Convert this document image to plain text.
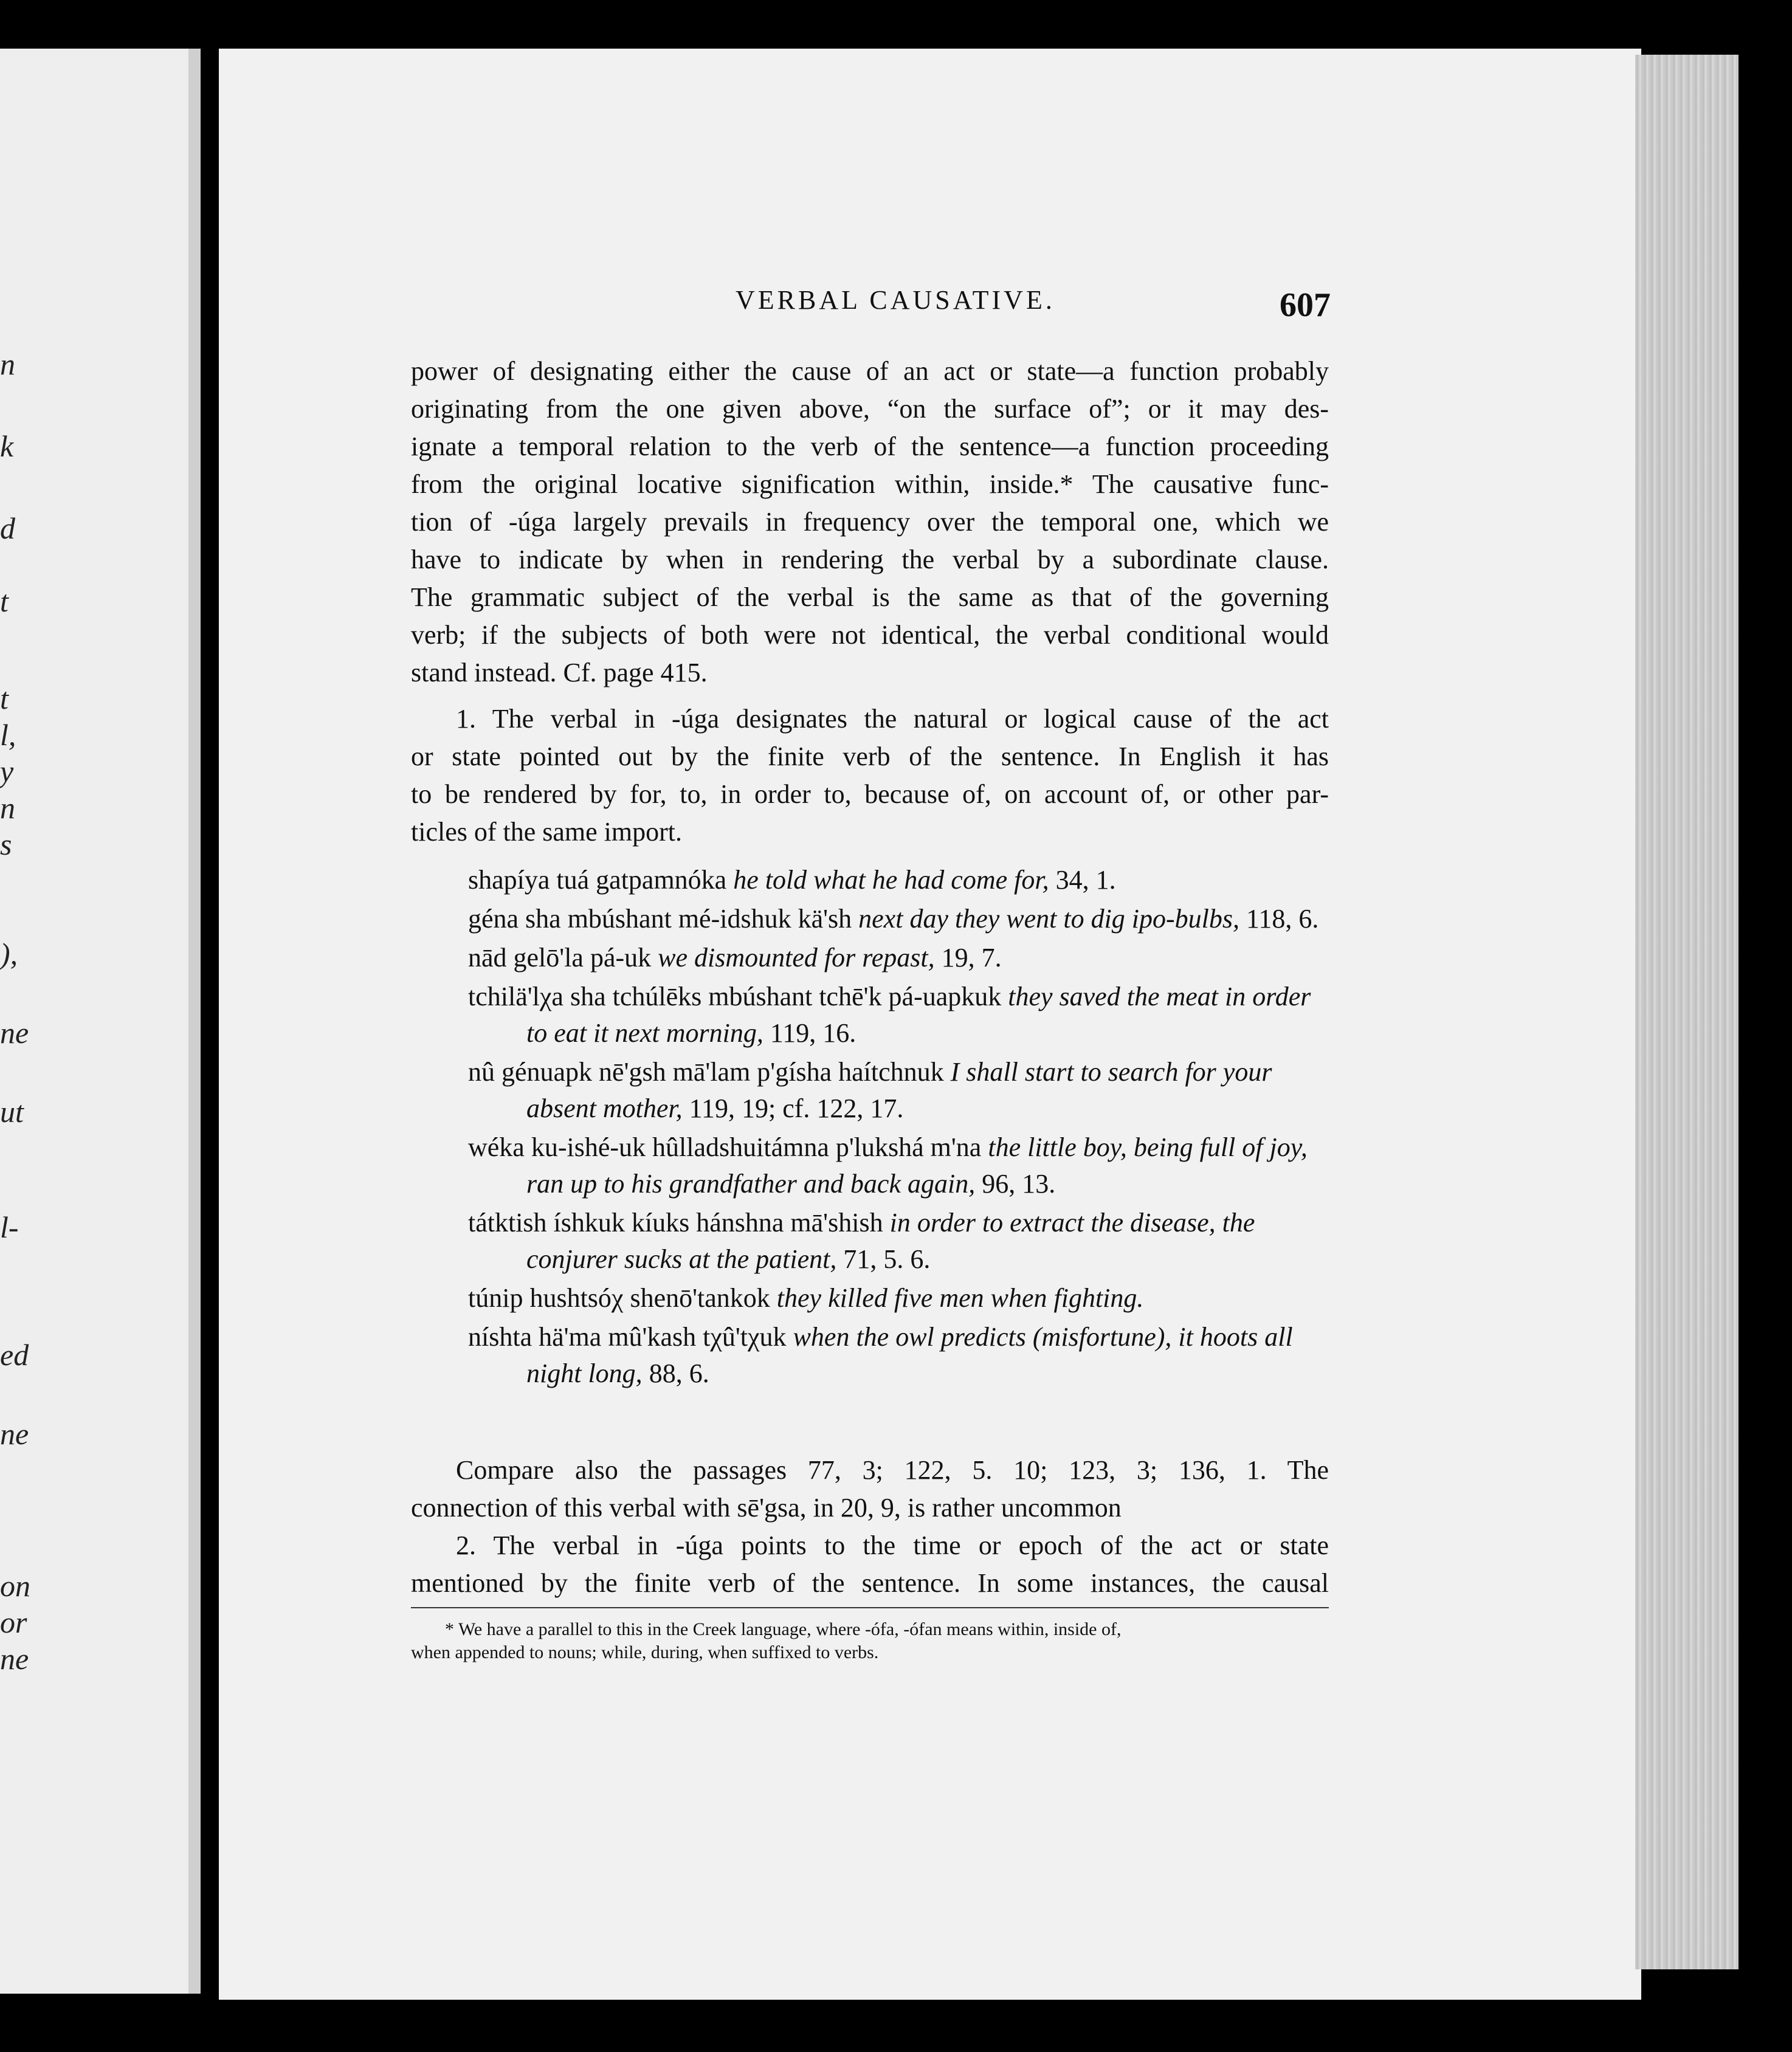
n
k
d
t
t
l,
y
n
s
),
ne
ut
l-
ed
ne
on
or
ne
VERBAL CAUSATIVE.	607

power of designating either the cause of an act or state—a function probably

originating from the one given above, “on the surface of”; or it may des-

ignate a temporal relation to the verb of the sentence—a function proceeding

from the original locative signification within, inside.* The causative func-

tion of -úga largely prevails in frequency over the temporal one, which we

have to indicate by when in rendering the verbal by a subordinate clause.

The grammatic subject of the verbal is the same as that of the governing

verb; if the subjects of both were not identical, the verbal conditional would

stand instead. Cf. page 415.

1. The verbal in -úga designates the natural or logical cause of the act

or state pointed out by the finite verb of the sentence. In English it has

to be rendered by for, to, in order to, because of, on account of, or other par-

ticles of the same import.

shapíya tuá gatpamnóka he told what he had come for, 34, 1.

géna sha mbúshant mé-idshuk kä'sh next day they went to dig ipo-bulbs, 118, 6.

nād gelō'la pá-uk we dismounted for repast, 19, 7.

tchilä'lχa sha tchúlēks mbúshant tchē'k pá-uapkuk they saved the meat in order to eat it next morning, 119, 16.

nû génuapk nē'gsh mā'lam p'gísha haítchnuk I shall start to search for your absent mother, 119, 19; cf. 122, 17.

wéka ku-ishé-uk hûlladshuitámna p'lukshá m'na the little boy, being full of joy, ran up to his grandfather and back again, 96, 13.

tátktish íshkuk kíuks hánshna mā'shish in order to extract the disease, the conjurer sucks at the patient, 71, 5. 6.

túnip hushtsóχ shenō'tankok they killed five men when fighting.

níshta hä'ma mû'kash tχû'tχuk when the owl predicts (misfortune), it hoots all night long, 88, 6.

Compare also the passages 77, 3; 122, 5. 10; 123, 3; 136, 1. The

connection of this verbal with sē'gsa, in 20, 9, is rather uncommon

2. The verbal in -úga points to the time or epoch of the act or state

mentioned by the finite verb of the sentence. In some instances, the causal

* We have a parallel to this in the Creek language, where -ófa, -ófan means within, inside of,

when appended to nouns; while, during, when suffixed to verbs.
